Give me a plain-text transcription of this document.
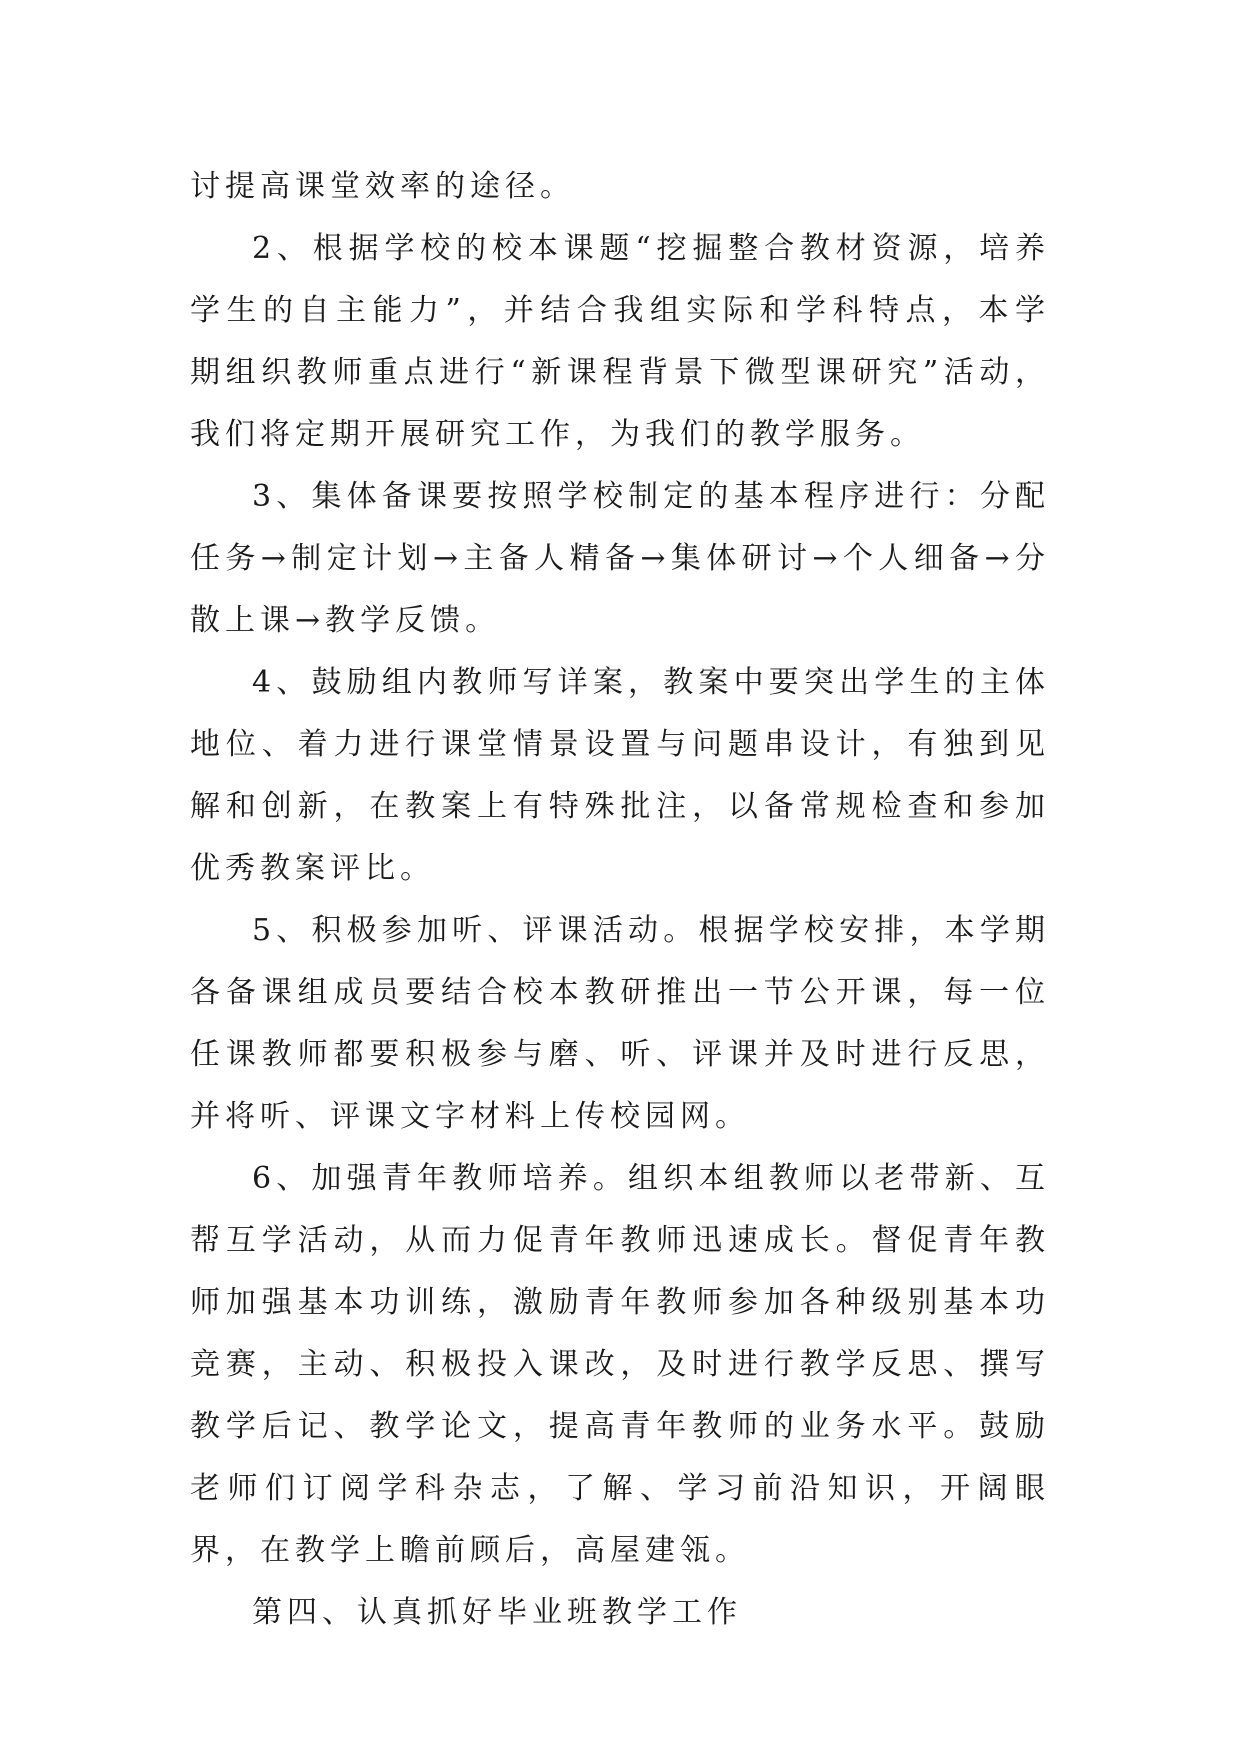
讨提高课堂效率的途径。

2、根据学校的校本课题“挖掘整合教材资源，培养学生的自主能力”，并结合我组实际和学科特点，本学期组织教师重点进行“新课程背景下微型课研究”活动，我们将定期开展研究工作，为我们的教学服务。

3、集体备课要按照学校制定的基本程序进行：分配任务→制定计划→主备人精备→集体研讨→个人细备→分散上课→教学反馈。

4、鼓励组内教师写详案，教案中要突出学生的主体地位、着力进行课堂情景设置与问题串设计，有独到见解和创新，在教案上有特殊批注，以备常规检查和参加优秀教案评比。

5、积极参加听、评课活动。根据学校安排，本学期各备课组成员要结合校本教研推出一节公开课，每一位任课教师都要积极参与磨、听、评课并及时进行反思，并将听、评课文字材料上传校园网。

6、加强青年教师培养。组织本组教师以老带新、互帮互学活动，从而力促青年教师迅速成长。督促青年教师加强基本功训练，激励青年教师参加各种级别基本功竞赛，主动、积极投入课改，及时进行教学反思、撰写教学后记、教学论文，提高青年教师的业务水平。鼓励老师们订阅学科杂志，了解、学习前沿知识，开阔眼界，在教学上瞻前顾后，高屋建瓴。

第四、认真抓好毕业班教学工作
